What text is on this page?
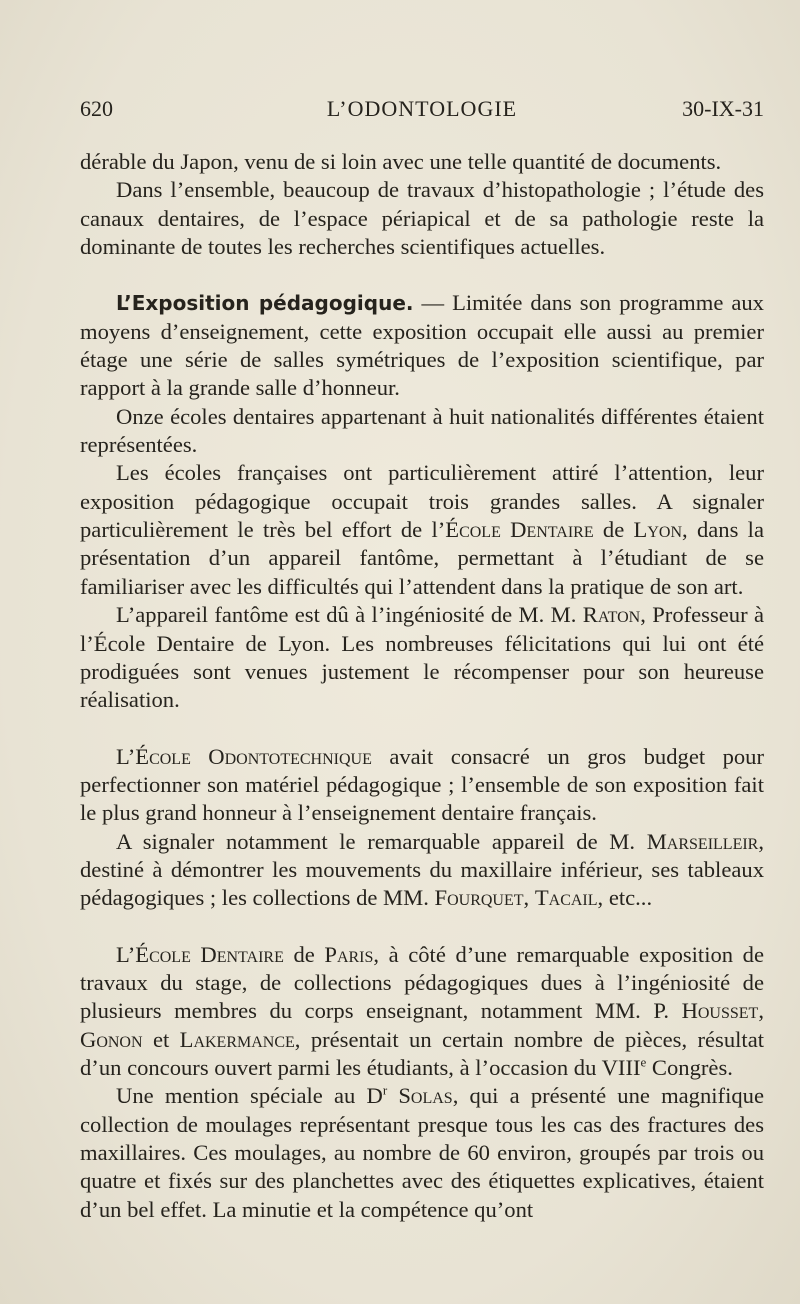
620	L’ODONTOLOGIE	30-IX-31

dérable du Japon, venu de si loin avec une telle quantité de documents.

Dans l’ensemble, beaucoup de travaux d’histopathologie ; l’étude des canaux dentaires, de l’espace périapical et de sa pathologie reste la dominante de toutes les recherches scientifiques actuelles.

L’Exposition pédagogique. — Limitée dans son programme aux moyens d’enseignement, cette exposition occupait elle aussi au premier étage une série de salles symétriques de l’exposition scientifique, par rapport à la grande salle d’honneur.

Onze écoles dentaires appartenant à huit nationalités différentes étaient représentées.

Les écoles françaises ont particulièrement attiré l’attention, leur exposition pédagogique occupait trois grandes salles. A signaler particulièrement le très bel effort de l’École Dentaire de Lyon, dans la présentation d’un appareil fantôme, permettant à l’étudiant de se familiariser avec les difficultés qui l’attendent dans la pratique de son art.

L’appareil fantôme est dû à l’ingéniosité de M. M. Raton, Professeur à l’École Dentaire de Lyon. Les nombreuses félicitations qui lui ont été prodiguées sont venues justement le récompenser pour son heureuse réalisation.

L’École Odontotechnique avait consacré un gros budget pour perfectionner son matériel pédagogique ; l’ensemble de son exposition fait le plus grand honneur à l’enseignement dentaire français.

A signaler notamment le remarquable appareil de M. Marseilleir, destiné à démontrer les mouvements du maxillaire inférieur, ses tableaux pédagogiques ; les collections de MM. Fourquet, Tacail, etc...

L’École Dentaire de Paris, à côté d’une remarquable exposition de travaux du stage, de collections pédagogiques dues à l’ingéniosité de plusieurs membres du corps enseignant, notamment MM. P. Housset, Gonon et Lakermance, présentait un certain nombre de pièces, résultat d’un concours ouvert parmi les étudiants, à l’occasion du VIIIe Congrès.

Une mention spéciale au $D^r$ Solas, qui a présenté une magnifique collection de moulages représentant presque tous les cas des fractures des maxillaires. Ces moulages, au nombre de 60 environ, groupés par trois ou quatre et fixés sur des planchettes avec des étiquettes explicatives, étaient d’un bel effet. La minutie et la compétence qu’ont
